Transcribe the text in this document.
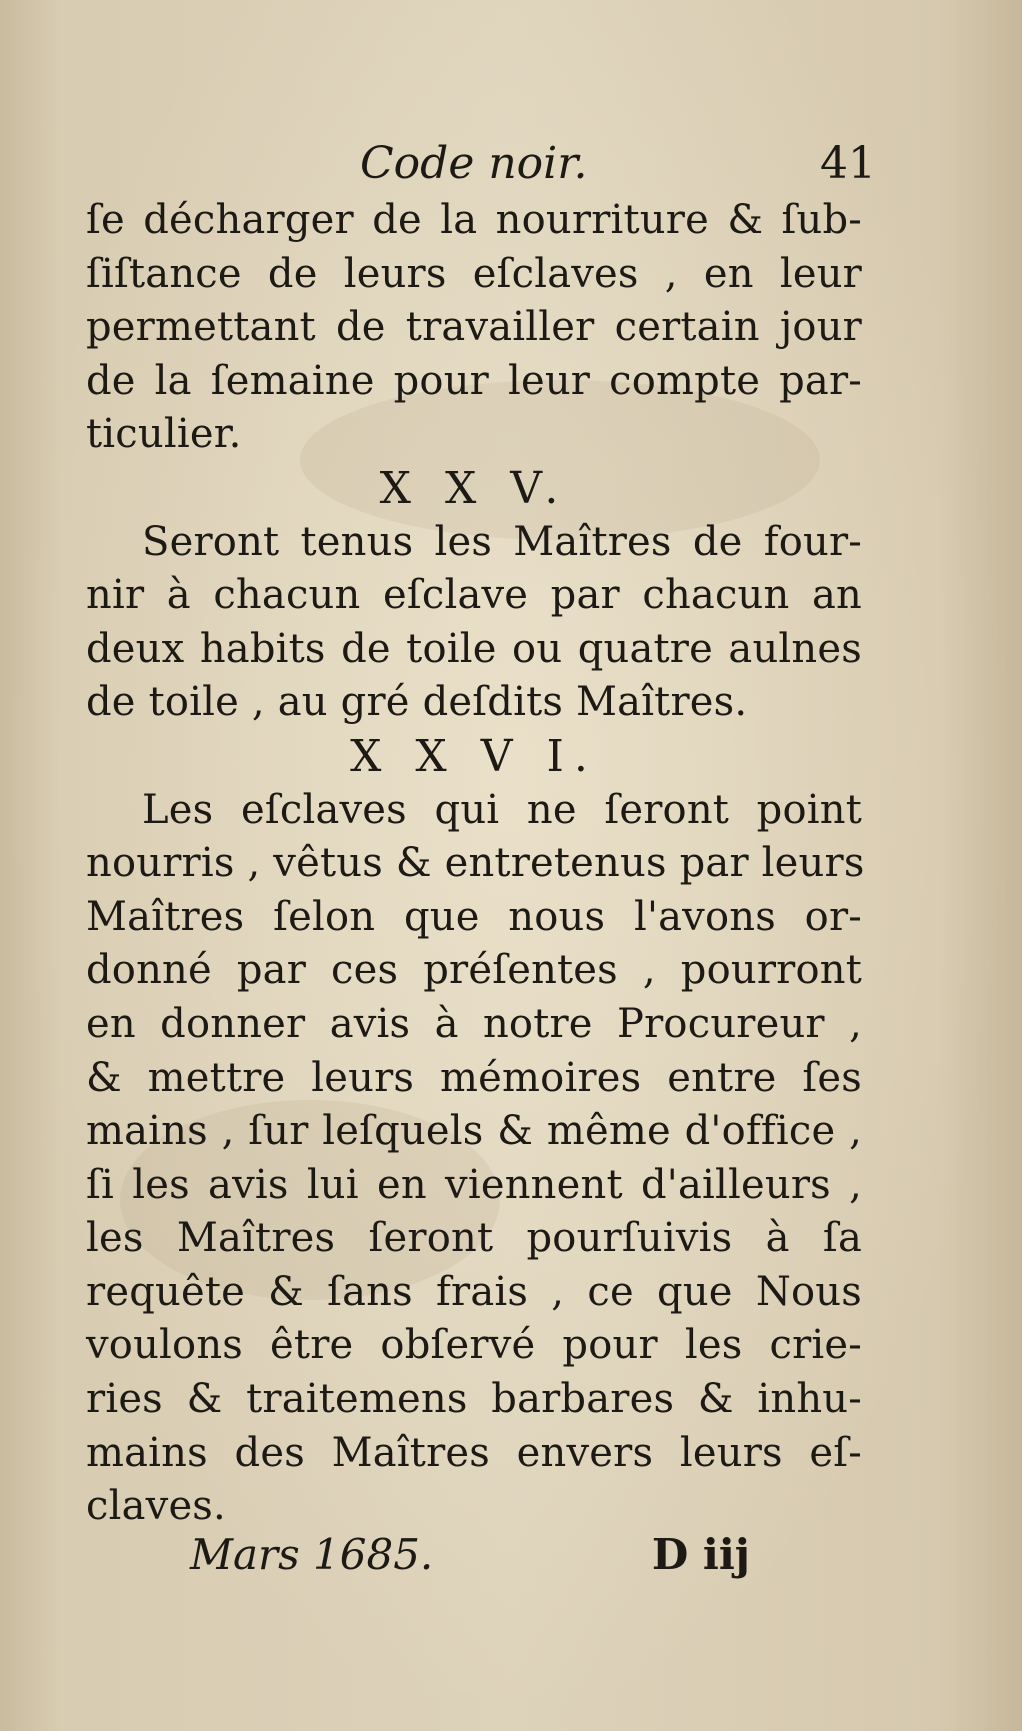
Code noir.	41
ſe décharger de la nourriture & ſub-
ſiſtance de leurs eſclaves , en leur
permettant de travailler certain jour
de la ſemaine pour leur compte par-
ticulier.
X X V.
Seront tenus les Maîtres de four-
nir à chacun eſclave par chacun an
deux habits de toile ou quatre aulnes
de toile , au gré deſdits Maîtres.
X X V I.
Les eſclaves qui ne ſeront point
nourris , vêtus & entretenus par leurs
Maîtres ſelon que nous l'avons or-
donné par ces préſentes , pourront
en donner avis à notre Procureur ,
& mettre leurs mémoires entre ſes
mains , ſur leſquels & même d'office ,
ſi les avis lui en viennent d'ailleurs ,
les Maîtres ſeront pourſuivis à ſa
requête & ſans frais , ce que Nous
voulons être obſervé pour les crie-
ries & traitemens barbares & inhu-
mains des Maîtres envers leurs eſ-
claves.
Mars 1685.	D iij
